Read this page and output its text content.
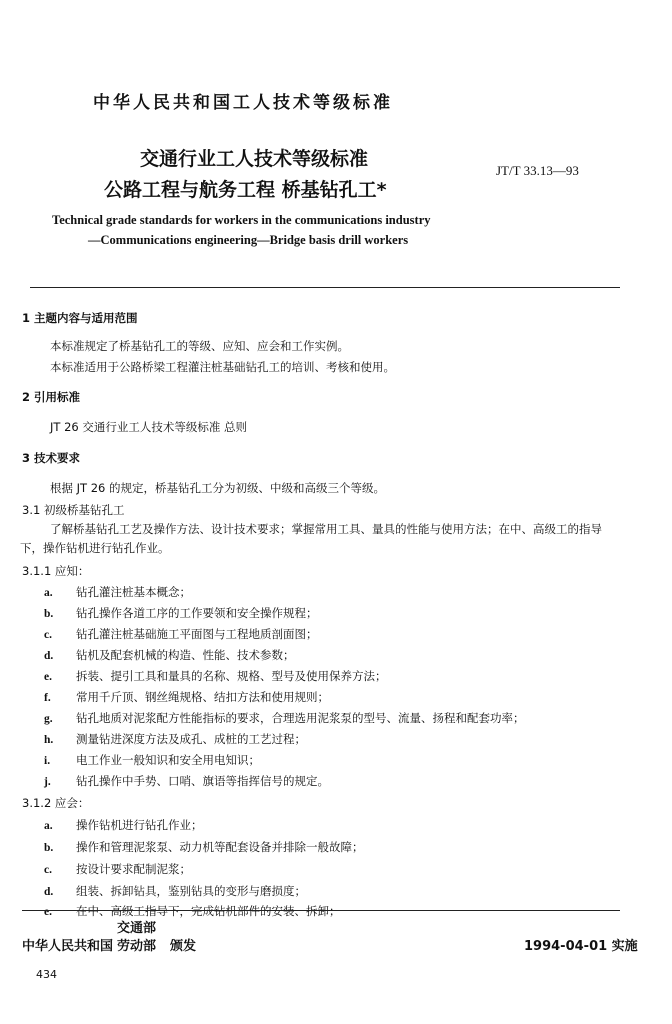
中华人民共和国工人技术等级标准
交通行业工人技术等级标准
公路工程与航务工程 桥基钻孔工*
JT/T 33.13—93
Technical grade standards for workers in the communications industry
—Communications engineering—Bridge basis drill workers
1 主题内容与适用范围
本标准规定了桥基钻孔工的等级、应知、应会和工作实例。
本标准适用于公路桥梁工程灌注桩基础钻孔工的培训、考核和使用。
2 引用标准
JT 26 交通行业工人技术等级标准 总则
3 技术要求
根据 JT 26 的规定，桥基钻孔工分为初级、中级和高级三个等级。
3.1 初级桥基钻孔工
了解桥基钻孔工艺及操作方法、设计技术要求；掌握常用工具、量具的性能与使用方法；在中、高级工的指导下，操作钻机进行钻孔作业。
3.1.1 应知：
a. 钻孔灌注桩基本概念；
b. 钻孔操作各道工序的工作要领和安全操作规程；
c. 钻孔灌注桩基础施工平面图与工程地质剖面图；
d. 钻机及配套机械的构造、性能、技术参数；
e. 拆装、提引工具和量具的名称、规格、型号及使用保养方法；
f. 常用千斤顶、钢丝绳规格、结扣方法和使用规则；
g. 钻孔地质对泥浆配方性能指标的要求，合理选用泥浆泵的型号、流量、扬程和配套功率；
h. 测量钻进深度方法及成孔、成桩的工艺过程；
i. 电工作业一般知识和安全用电知识；
j. 钻孔操作中手势、口哨、旗语等指挥信号的规定。
3.1.2 应会：
a. 操作钻机进行钻孔作业；
b. 操作和管理泥浆泵、动力机等配套设备并排除一般故障；
c. 按设计要求配制泥浆；
d. 组装、拆卸钻具，鉴别钻具的变形与磨损度；
e. 在中、高级工指导下，完成钻机部件的安装、拆卸；
中华人民共和国
交通部
劳动部 颁发	1994-04-01 实施
434
